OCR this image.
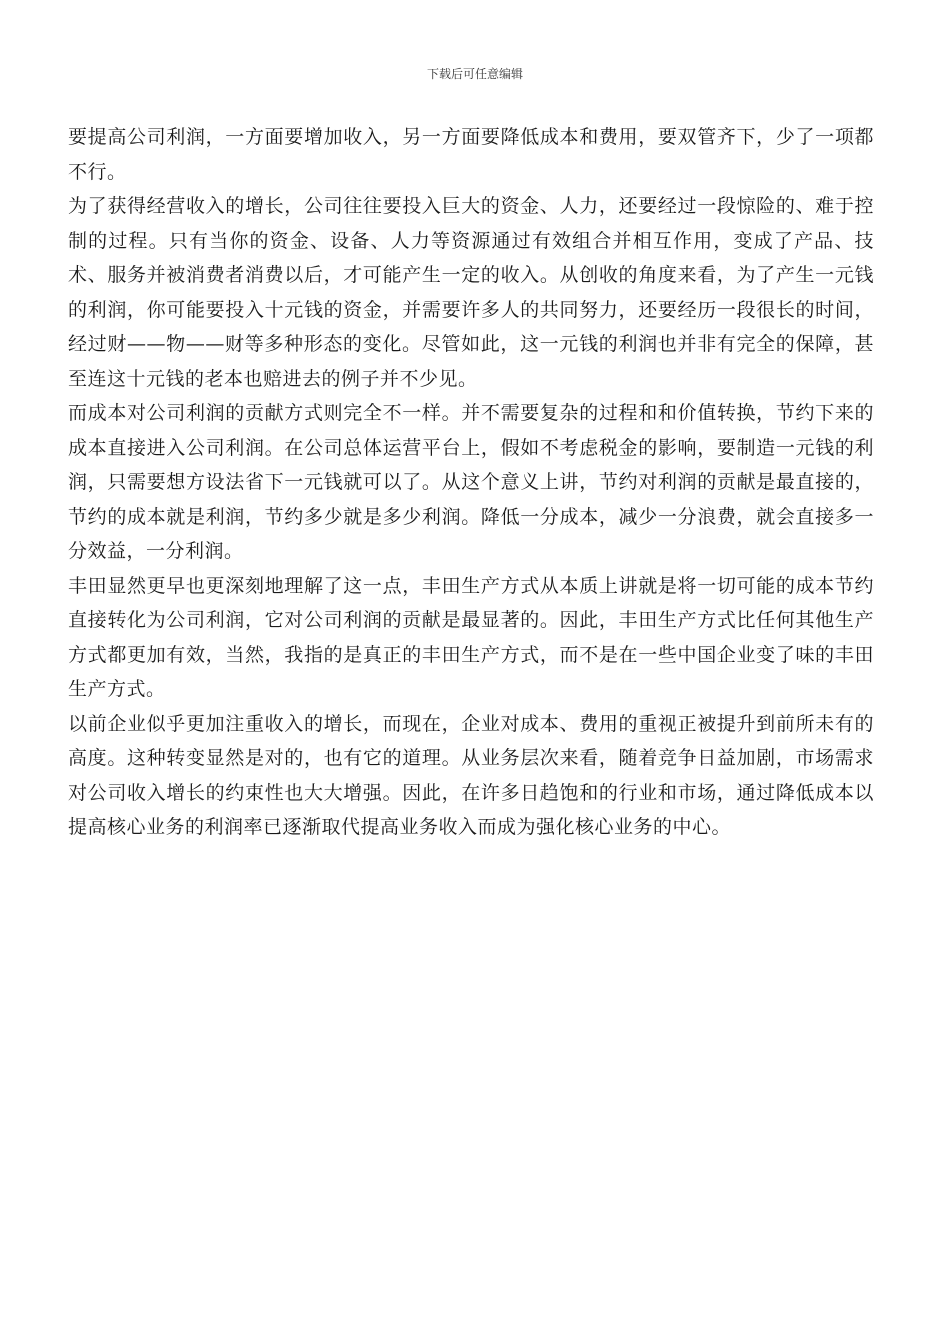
下载后可任意编辑

要提高公司利润，一方面要增加收入，另一方面要降低成本和费用，要双管齐下，少了一项都不行。

为了获得经营收入的增长，公司往往要投入巨大的资金、人力，还要经过一段惊险的、难于控制的过程。只有当你的资金、设备、人力等资源通过有效组合并相互作用，变成了产品、技术、服务并被消费者消费以后，才可能产生一定的收入。从创收的角度来看，为了产生一元钱的利润，你可能要投入十元钱的资金，并需要许多人的共同努力，还要经历一段很长的时间，经过财——物——财等多种形态的变化。尽管如此，这一元钱的利润也并非有完全的保障，甚至连这十元钱的老本也赔进去的例子并不少见。

而成本对公司利润的贡献方式则完全不一样。并不需要复杂的过程和和价值转换，节约下来的成本直接进入公司利润。在公司总体运营平台上，假如不考虑税金的影响，要制造一元钱的利润，只需要想方设法省下一元钱就可以了。从这个意义上讲，节约对利润的贡献是最直接的，节约的成本就是利润，节约多少就是多少利润。降低一分成本，减少一分浪费，就会直接多一分效益，一分利润。

丰田显然更早也更深刻地理解了这一点，丰田生产方式从本质上讲就是将一切可能的成本节约直接转化为公司利润，它对公司利润的贡献是最显著的。因此，丰田生产方式比任何其他生产方式都更加有效，当然，我指的是真正的丰田生产方式，而不是在一些中国企业变了味的丰田生产方式。

以前企业似乎更加注重收入的增长，而现在，企业对成本、费用的重视正被提升到前所未有的高度。这种转变显然是对的，也有它的道理。从业务层次来看，随着竞争日益加剧，市场需求对公司收入增长的约束性也大大增强。因此，在许多日趋饱和的行业和市场，通过降低成本以提高核心业务的利润率已逐渐取代提高业务收入而成为强化核心业务的中心。
